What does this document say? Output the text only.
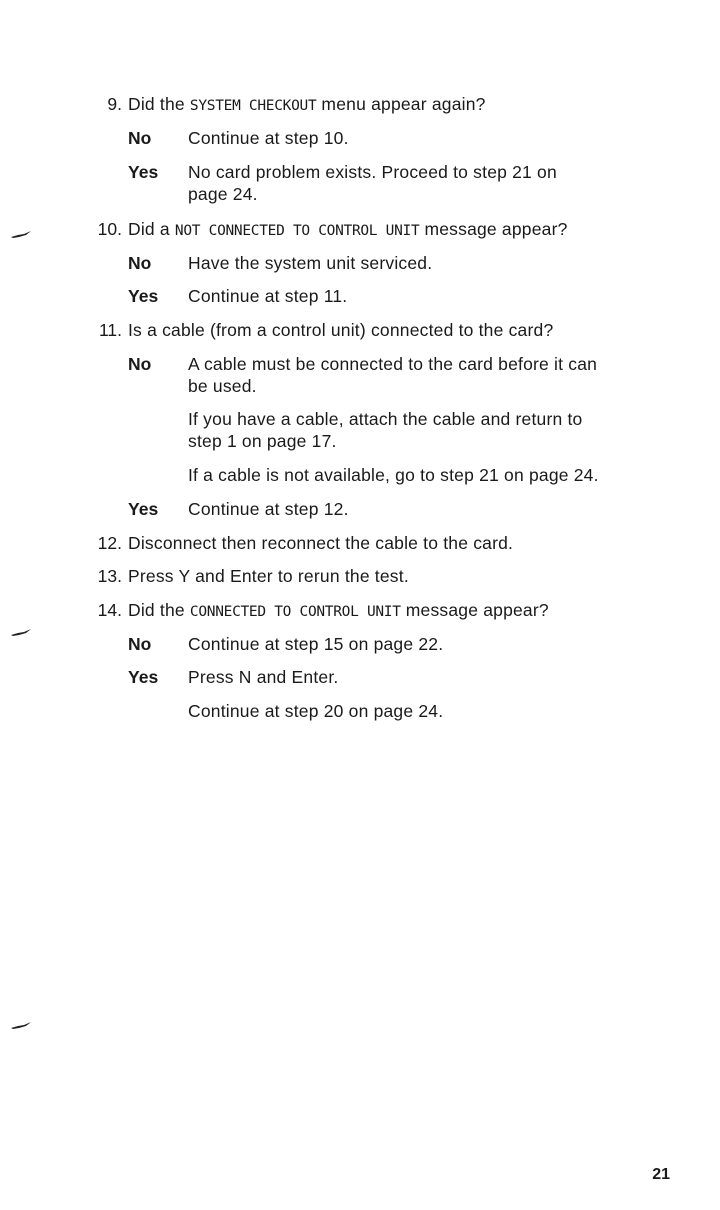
9. Did the SYSTEM CHECKOUT menu appear again?
No Continue at step 10.
Yes No card problem exists. Proceed to step 21 on
page 24.
10. Did a NOT CONNECTED TO CONTROL UNIT message appear?
No Have the system unit serviced.
Yes Continue at step 11.
11. Is a cable (from a control unit) connected to the card?
No A cable must be connected to the card before it can
be used.
If you have a cable, attach the cable and return to
step 1 on page 17.
If a cable is not available, go to step 21 on page 24.
Yes Continue at step 12.
12. Disconnect then reconnect the cable to the card.
13. Press Y and Enter to rerun the test.
14. Did the CONNECTED TO CONTROL UNIT message appear?
No Continue at step 15 on page 22.
Yes Press N and Enter.
Continue at step 20 on page 24.
21
